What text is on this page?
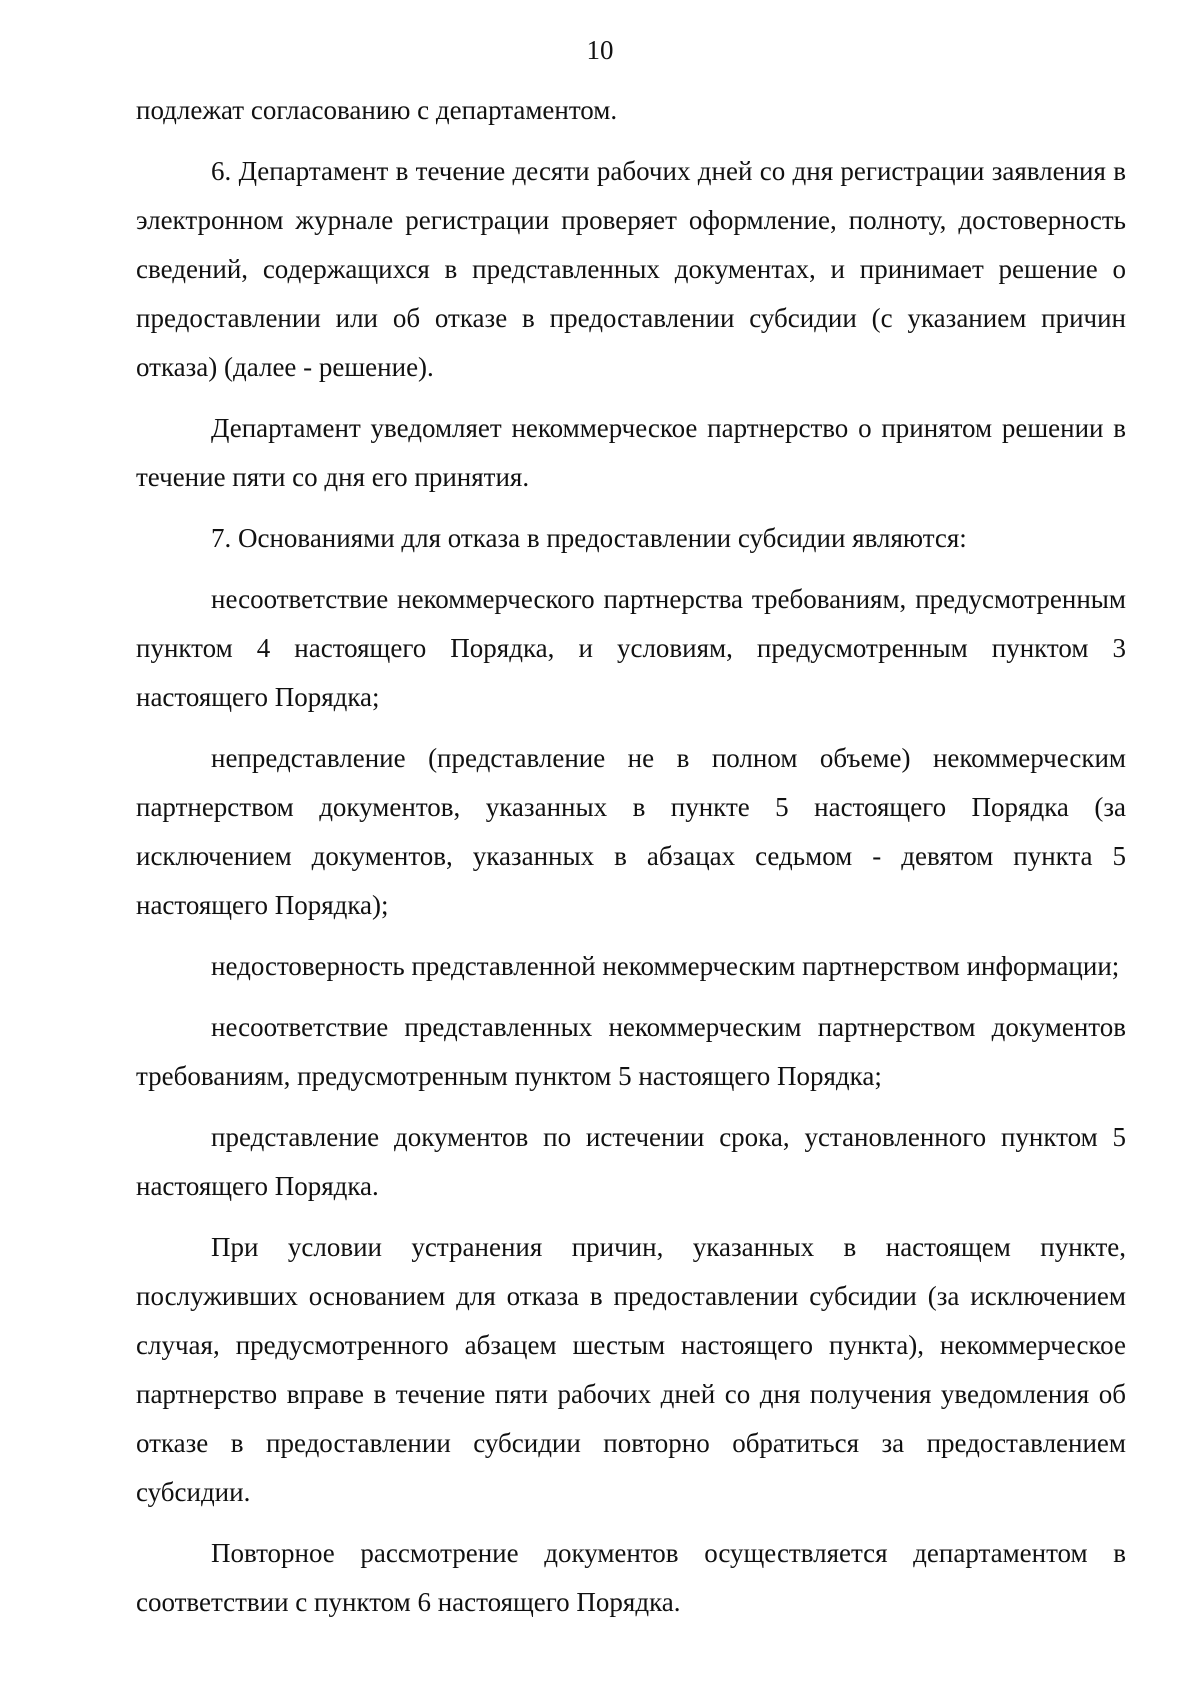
10

подлежат согласованию с департаментом.

6. Департамент в течение десяти рабочих дней со дня регистрации заявления в электронном журнале регистрации проверяет оформление, полноту, достоверность сведений, содержащихся в представленных документах, и принимает решение о предоставлении или об отказе в предоставлении субсидии (с указанием причин отказа) (далее - решение).

Департамент уведомляет некоммерческое партнерство о принятом решении в течение пяти со дня его принятия.

7. Основаниями для отказа в предоставлении субсидии являются:

несоответствие некоммерческого партнерства требованиям, предусмотренным пунктом 4 настоящего Порядка, и условиям, предусмотренным пунктом 3 настоящего Порядка;

непредставление (представление не в полном объеме) некоммерческим партнерством документов, указанных в пункте 5 настоящего Порядка (за исключением документов, указанных в абзацах седьмом - девятом пункта 5 настоящего Порядка);

недостоверность представленной некоммерческим партнерством информации;

несоответствие представленных некоммерческим партнерством документов требованиям, предусмотренным пунктом 5 настоящего Порядка;

представление документов по истечении срока, установленного пунктом 5 настоящего Порядка.

При условии устранения причин, указанных в настоящем пункте, послуживших основанием для отказа в предоставлении субсидии (за исключением случая, предусмотренного абзацем шестым настоящего пункта), некоммерческое партнерство вправе в течение пяти рабочих дней со дня получения уведомления об отказе в предоставлении субсидии повторно обратиться за предоставлением субсидии.

Повторное рассмотрение документов осуществляется департаментом в соответствии с пунктом 6 настоящего Порядка.
